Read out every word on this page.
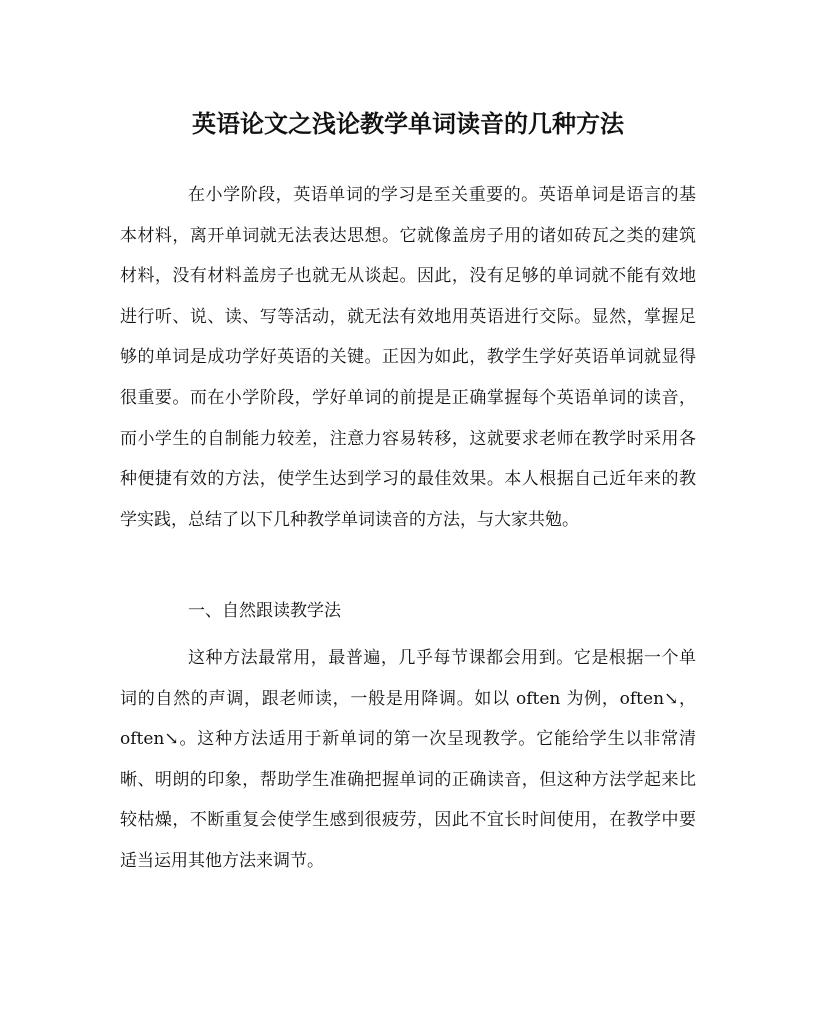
英语论文之浅论教学单词读音的几种方法
在小学阶段，英语单词的学习是至关重要的。英语单词是语言的基本材料，离开单词就无法表达思想。它就像盖房子用的诸如砖瓦之类的建筑材料，没有材料盖房子也就无从谈起。因此，没有足够的单词就不能有效地进行听、说、读、写等活动，就无法有效地用英语进行交际。显然，掌握足够的单词是成功学好英语的关键。正因为如此，教学生学好英语单词就显得很重要。而在小学阶段，学好单词的前提是正确掌握每个英语单词的读音，而小学生的自制能力较差，注意力容易转移，这就要求老师在教学时采用各种便捷有效的方法，使学生达到学习的最佳效果。本人根据自己近年来的教学实践，总结了以下几种教学单词读音的方法，与大家共勉。
一、自然跟读教学法
这种方法最常用，最普遍，几乎每节课都会用到。它是根据一个单词的自然的声调，跟老师读，一般是用降调。如以 often 为例，often↘，often↘。这种方法适用于新单词的第一次呈现教学。它能给学生以非常清晰、明朗的印象，帮助学生准确把握单词的正确读音，但这种方法学起来比较枯燥，不断重复会使学生感到很疲劳，因此不宜长时间使用，在教学中要适当运用其他方法来调节。
